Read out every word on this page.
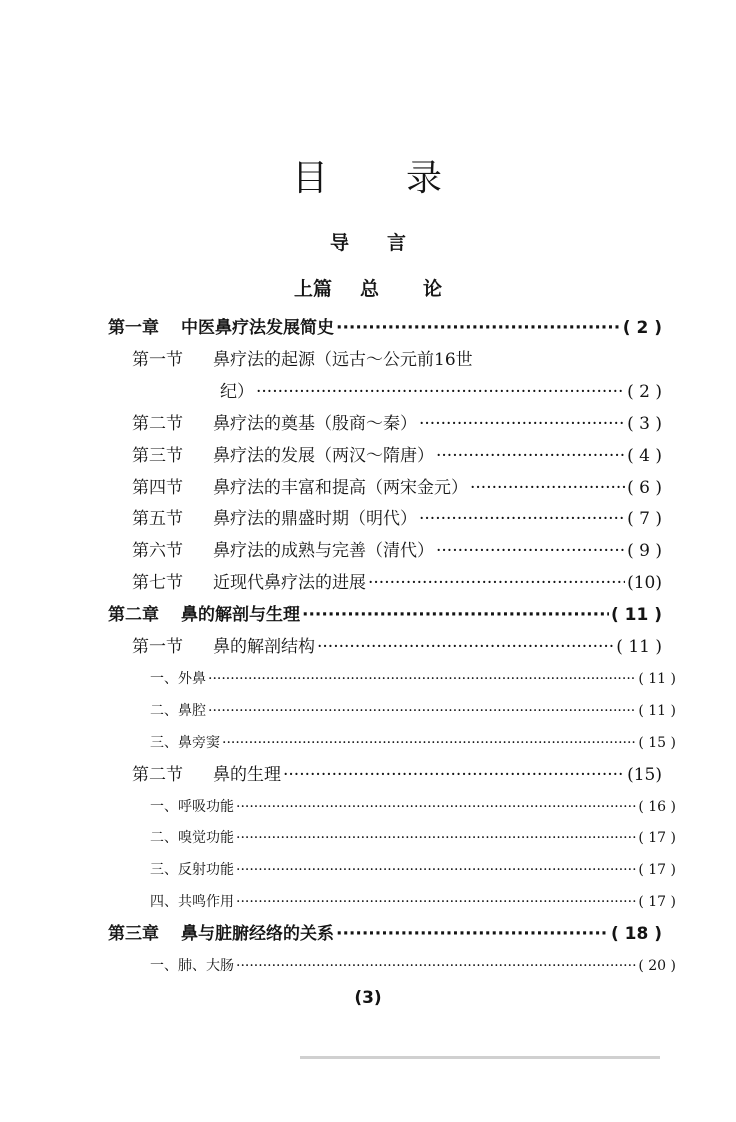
目 录
导 言
上篇 总 论
第一章 中医鼻疗法发展简史 ·····	( 2 )
第一节 鼻疗法的起源（远古～公元前16世
纪） ·····	( 2 )
第二节 鼻疗法的奠基（殷商～秦） ·····	( 3 )
第三节 鼻疗法的发展（两汉～隋唐） ·····	( 4 )
第四节 鼻疗法的丰富和提高（两宋金元） ·····	( 6 )
第五节 鼻疗法的鼎盛时期（明代） ·····	( 7 )
第六节 鼻疗法的成熟与完善（清代） ·····	( 9 )
第七节 近现代鼻疗法的进展 ·····	(10)
第二章 鼻的解剖与生理 ·····	( 11 )
第一节 鼻的解剖结构 ·····	( 11 )
一、 外鼻 ·····	( 11 )
二、 鼻腔 ·····	( 11 )
三、 鼻旁窦 ·····	( 15 )
第二节 鼻的生理 ·····	(15)
一、 呼吸功能 ·····	( 16 )
二、 嗅觉功能 ·····	( 17 )
三、 反射功能 ·····	( 17 )
四、 共鸣作用 ·····	( 17 )
第三章 鼻与脏腑经络的关系 ·····	( 18 )
一、 肺、大肠 ·····	( 20 )
(3)
